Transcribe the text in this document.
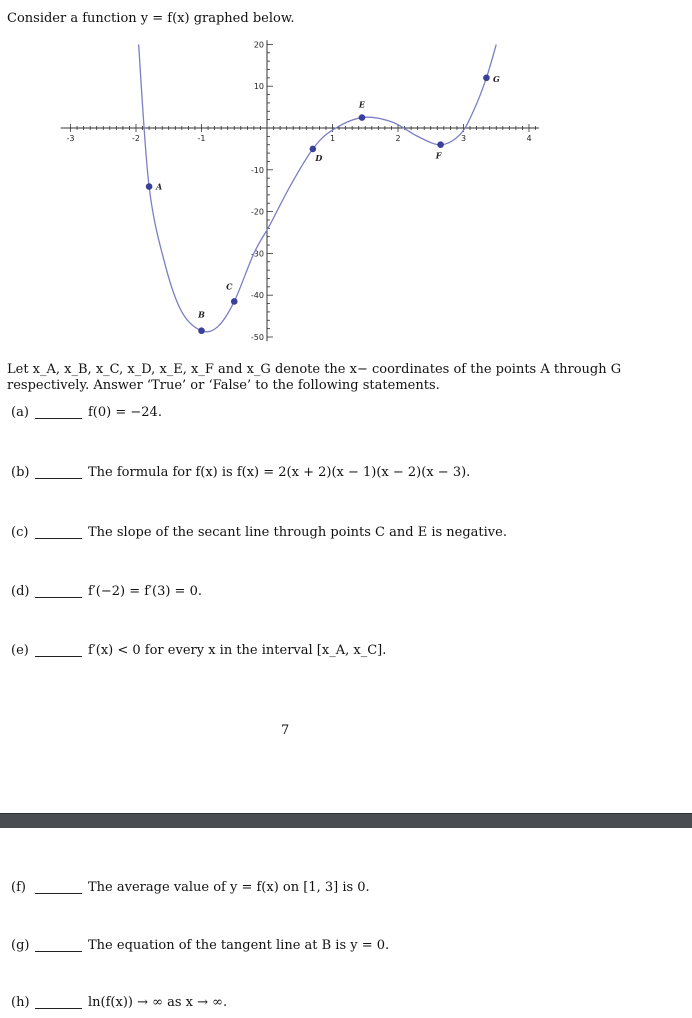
Consider a function y = f(x) graphed below.
-3	-2	-1	1	2	3	4
20
10
-10
-20
-30
-40
-50
A
B
C
D
E
F
G
Let x_A, x_B, x_C, x_D, x_E, x_F and x_G denote the x− coordinates of the points A through G respectively. Answer ‘True’ or ‘False’ to the following statements.
(a)	f(0) = −24.
(b)	The formula for f(x) is f(x) = 2(x + 2)(x − 1)(x − 2)(x − 3).
(c)	The slope of the secant line through points C and E is negative.
(d)	f′(−2) = f′(3) = 0.
(e)	f′(x) < 0 for every x in the interval [x_A, x_C].
7
(f)	The average value of y = f(x) on [1, 3] is 0.
(g)	The equation of the tangent line at B is y = 0.
(h)	ln(f(x)) → ∞ as x → ∞.
